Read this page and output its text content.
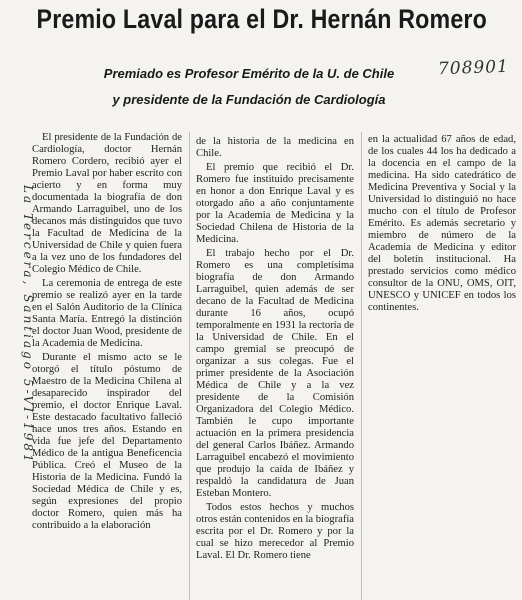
Premio Laval para el Dr. Hernán Romero
Premiado es Profesor Emérito de la U. de Chile
y presidente de la Fundación de Cardiología
708901
La Tercera, Santiago 5-VI-1981

El presidente de la Fundación de Cardiología, doctor Hernán Romero Cordero, recibió ayer el Premio Laval por haber escrito con acierto y en forma muy documentada la biografía de don Armando Larraguibel, uno de los decanos más distinguidos que tuvo la Facultad de Medicina de la Universidad de Chile y quien fuera a la vez uno de los fundadores del Colegio Médico de Chile.

La ceremonia de entrega de este premio se realizó ayer en la tarde en el Salón Auditorio de la Clínica Santa María. Entregó la distinción el doctor Juan Wood, presidente de la Academia de Medicina.

Durante el mismo acto se le otorgó el título póstumo de Maestro de la Medicina Chilena al desaparecido inspirador del premio, el doctor Enrique Laval. Este destacado facultativo falleció hace unos tres años. Estando en vida fue jefe del Departamento Médico de la antigua Beneficencia Pública. Creó el Museo de la Historia de la Medicina. Fundó la Sociedad Médica de Chile y es, según expresiones del propio doctor Romero, quien más ha contribuido a la elaboración

de la historia de la medicina en Chile.

El premio que recibió el Dr. Romero fue instituido precisamente en honor a don Enrique Laval y es otorgado año a año conjuntamente por la Academia de Medicina y la Sociedad Chilena de Historia de la Medicina.

El trabajo hecho por el Dr. Romero es una completísima biografía de don Armando Larraguibel, quien además de ser decano de la Facultad de Medicina durante 16 años, ocupó temporalmente en 1931 la rectoría de la Universidad de Chile. En el campo gremial se preocupó de organizar a sus colegas. Fue el primer presidente de la Asociación Médica de Chile y a la vez presidente de la Comisión Organizadora del Colegio Médico. También le cupo importante actuación en la primera presidencia del general Carlos Ibáñez. Armando Larraguibel encabezó el movimiento que produjo la caída de Ibáñez y respaldó la candidatura de Juan Esteban Montero.

Todos estos hechos y muchos otros están contenidos en la biografía escrita por el Dr. Romero y por la cual se hizo merecedor al Premio Laval. El Dr. Romero tiene

en la actualidad 67 años de edad, de los cuales 44 los ha dedicado a la docencia en el campo de la medicina. Ha sido catedrático de Medicina Preventiva y Social y la Universidad lo distinguió no hace mucho con el título de Profesor Emérito. Es además secretario y miembro de número de la Academia de Medicina y editor del boletín institucional. Ha prestado servicios como médico consultor de la ONU, OMS, OIT, UNESCO y UNICEF en todos los continentes.
